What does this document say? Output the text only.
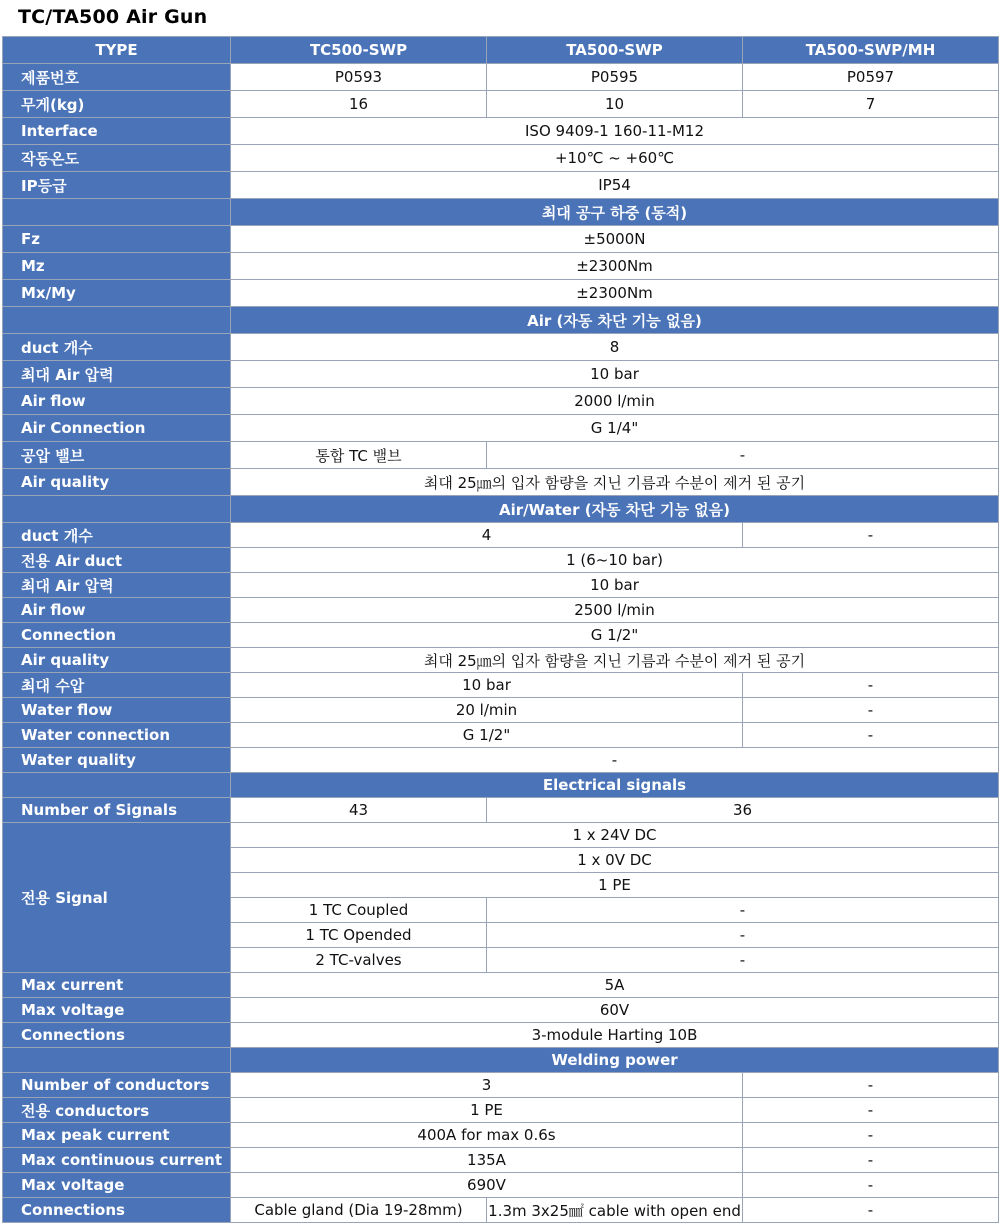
TC/TA500 Air Gun
TYPE	TC500-SWP	TA500-SWP	TA500-SWP/MH
제품번호	P0593	P0595	P0597
무게(kg)	16	10	7
Interface	ISO 9409-1 160-11-M12		
작동온도	+10℃ ~ +60℃		
IP등급	IP54		
	최대 공구 하중 (동적)		
Fz	±5000N		
Mz	±2300Nm		
Mx/My	±2300Nm		
	Air (자동 차단 기능 없음)		
duct 개수	8		
최대 Air 압력	10 bar		
Air flow	2000 l/min		
Air Connection	G 1/4"		
공압 밸브	통합 TC 밸브	-	
Air quality	최대 25㎛의 입자 함량을 지닌 기름과 수분이 제거 된 공기		
	Air/Water (자동 차단 기능 없음)		
duct 개수	4		-
전용 Air duct	1 (6~10 bar)		
최대 Air 압력	10 bar		
Air flow	2500 l/min		
Connection	G 1/2"		
Air quality	최대 25㎛의 입자 함량을 지닌 기름과 수분이 제거 된 공기		
최대 수압	10 bar		-
Water flow	20 l/min		-
Water connection	G 1/2"		-
Water quality	-		
	Electrical signals		
Number of Signals	43	36	
전용 Signal	1 x 24V DC		
	1 x 0V DC		
	1 PE		
	1 TC Coupled	-	
	1 TC Opended	-	
	2 TC-valves	-	
Max current	5A		
Max voltage	60V		
Connections	3-module Harting 10B		
	Welding power		
Number of conductors	3		-
전용 conductors	1 PE		-
Max peak current	400A for max 0.6s		-
Max continuous current	135A		-
Max voltage	690V		-
Connections	Cable gland (Dia 19-28mm)	1.3m 3x25㎟ cable with open end	-
